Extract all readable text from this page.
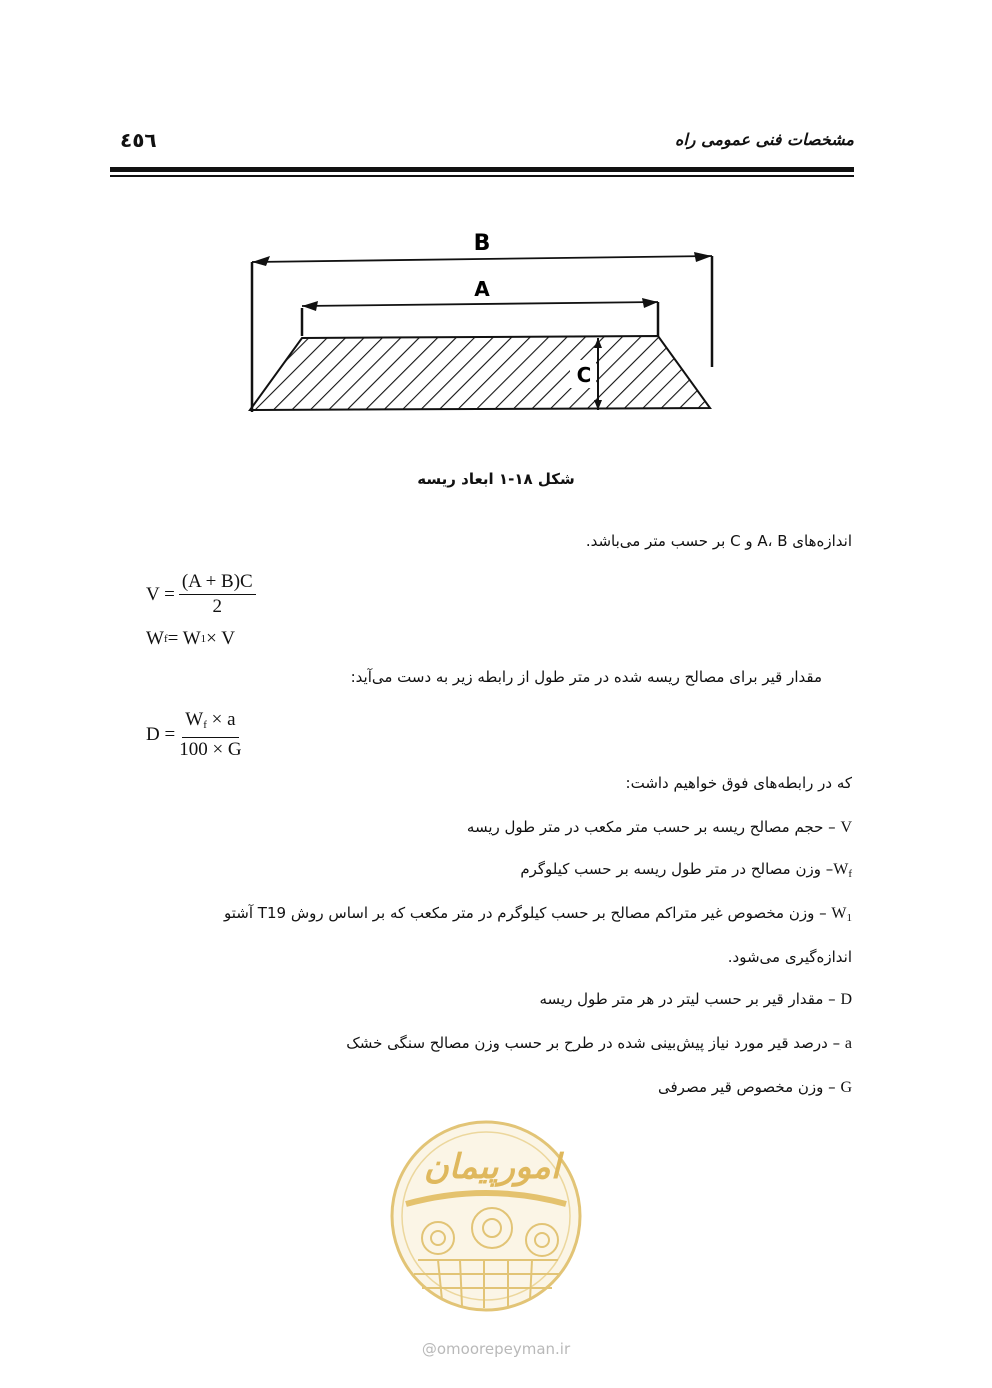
٤٥٦	مشخصات فنی عمومی راه
B
A
C
شکل ۱۸-۱ ابعاد ریسه
اندازه‌های A، B و C بر حسب متر می‌باشد.
$V = \frac{(A + B)C}{2}$
W f = W 1 × V
مقدار قیر برای مصالح ریسه شده در متر طول از رابطه زیر به دست می‌آید:
$D = \frac{W_f \times a}{100 \times G}$
که در رابطه‌های فوق خواهیم داشت:
V – حجم مصالح ریسه بر حسب متر مکعب در متر طول ریسه
$W_f-$ وزن مصالح در متر طول ریسه بر حسب کیلوگرم
$W_1$ – وزن مخصوص غیر متراکم مصالح بر حسب کیلوگرم در متر مکعب که بر اساس روش T19 آشتو
اندازه‌گیری می‌شود.
D – مقدار قیر بر حسب لیتر در هر متر طول ریسه
a – درصد قیر مورد نیاز پیش‌بینی شده در طرح بر حسب وزن مصالح سنگی خشک
G – وزن مخصوص قیر مصرفی
امورپیمان
@omoorepeyman.ir
